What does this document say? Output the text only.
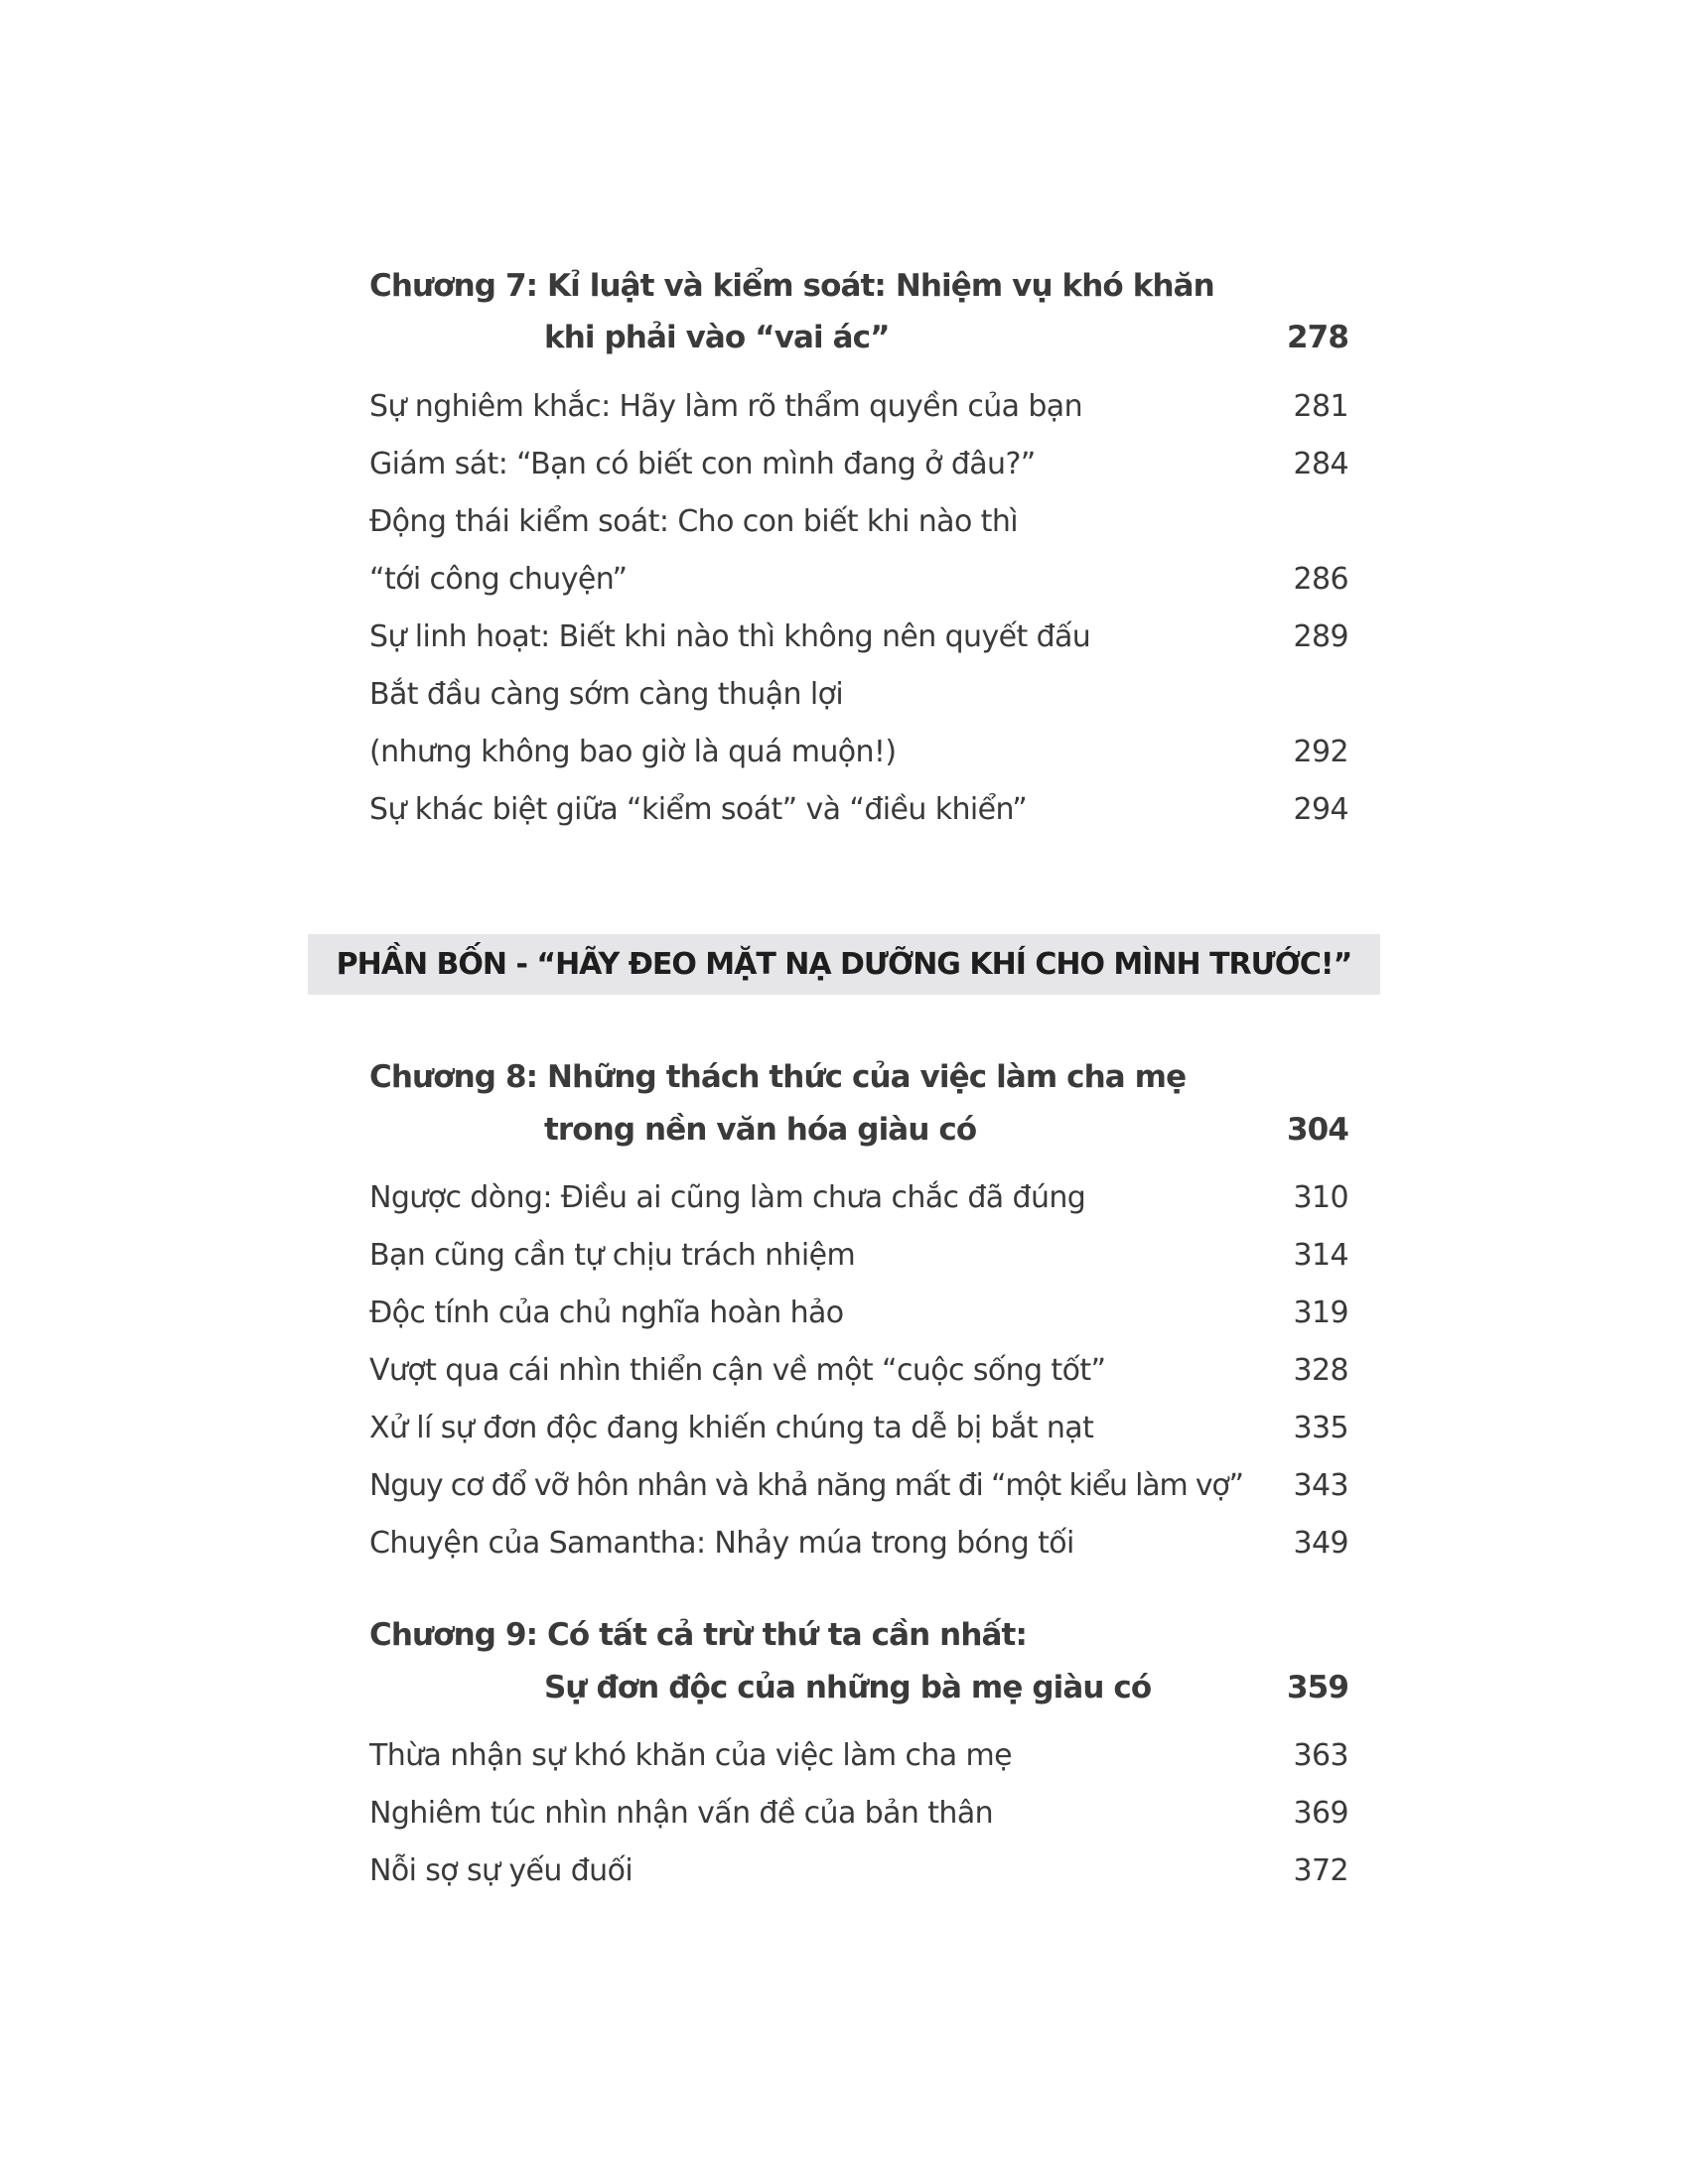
Chương 7: Kỉ luật và kiểm soát: Nhiệm vụ khó khăn
khi phải vào “vai ác”	278
Sự nghiêm khắc: Hãy làm rõ thẩm quyền của bạn	281
Giám sát: “Bạn có biết con mình đang ở đâu?”	284
Động thái kiểm soát: Cho con biết khi nào thì
“tới công chuyện”	286
Sự linh hoạt: Biết khi nào thì không nên quyết đấu	289
Bắt đầu càng sớm càng thuận lợi
(nhưng không bao giờ là quá muộn!)	292
Sự khác biệt giữa “kiểm soát” và “điều khiển”	294
PHẦN BỐN - “HÃY ĐEO MẶT NẠ DƯỠNG KHÍ CHO MÌNH TRƯỚC!”
Chương 8: Những thách thức của việc làm cha mẹ
trong nền văn hóa giàu có	304
Ngược dòng: Điều ai cũng làm chưa chắc đã đúng	310
Bạn cũng cần tự chịu trách nhiệm	314
Độc tính của chủ nghĩa hoàn hảo	319
Vượt qua cái nhìn thiển cận về một “cuộc sống tốt”	328
Xử lí sự đơn độc đang khiến chúng ta dễ bị bắt nạt	335
Nguy cơ đổ vỡ hôn nhân và khả năng mất đi “một kiểu làm vợ” 343
Chuyện của Samantha: Nhảy múa trong bóng tối	349
Chương 9: Có tất cả trừ thứ ta cần nhất:
Sự đơn độc của những bà mẹ giàu có	359
Thừa nhận sự khó khăn của việc làm cha mẹ	363
Nghiêm túc nhìn nhận vấn đề của bản thân	369
Nỗi sợ sự yếu đuối	372
